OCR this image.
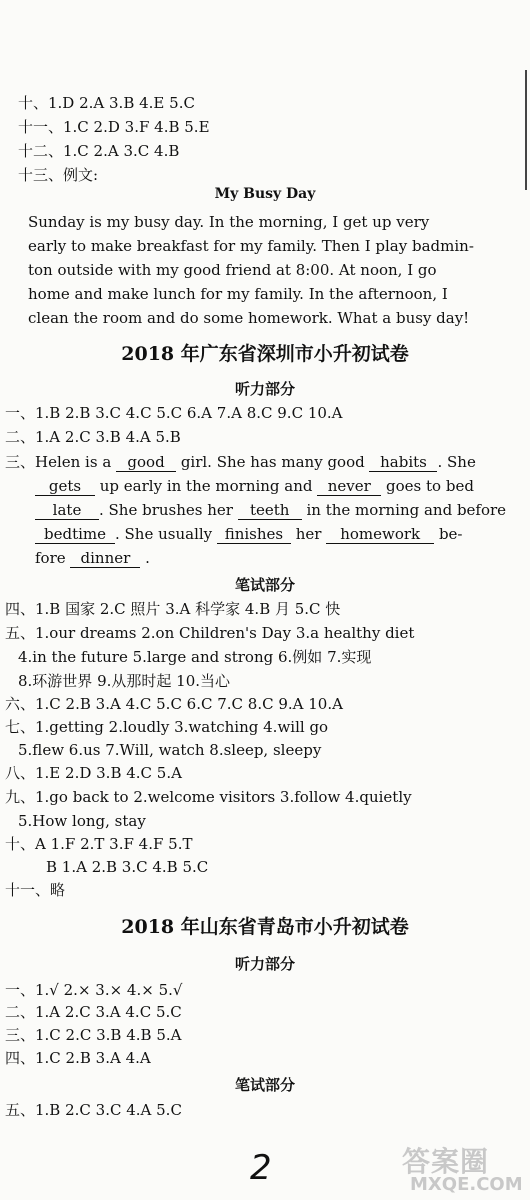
十、1.D 2.A 3.B 4.E 5.C
十一、1.C 2.D 3.F 4.B 5.E
十二、1.C 2.A 3.C 4.B
十三、例文:
My Busy Day
Sunday is my busy day. In the morning, I get up very
early to make breakfast for my family. Then I play badmin-
ton outside with my good friend at 8:00. At noon, I go
home and make lunch for my family. In the afternoon, I
clean the room and do some homework. What a busy day!
2018 年广东省深圳市小升初试卷
听力部分
一、1.B 2.B 3.C 4.C 5.C 6.A 7.A 8.C 9.C 10.A
二、1.A 2.C 3.B 4.A 5.B
三、Helen is a good girl. She has many good habits . She
gets up early in the morning and never goes to bed
late . She brushes her teeth in the morning and before
bedtime . She usually finishes her homework be-
fore dinner .
笔试部分
四、1.B 国家 2.C 照片 3.A 科学家 4.B 月 5.C 快
五、1.our dreams 2.on Children's Day 3.a healthy diet
4.in the future 5.large and strong 6.例如 7.实现
8.环游世界 9.从那时起 10.当心
六、1.C 2.B 3.A 4.C 5.C 6.C 7.C 8.C 9.A 10.A
七、1.getting 2.loudly 3.watching 4.will go
5.flew 6.us 7.Will, watch 8.sleep, sleepy
八、1.E 2.D 3.B 4.C 5.A
九、1.go back to 2.welcome visitors 3.follow 4.quietly
5.How long, stay
十、A 1.F 2.T 3.F 4.F 5.T
B 1.A 2.B 3.C 4.B 5.C
十一、略
2018 年山东省青岛市小升初试卷
听力部分
一、1.√ 2.× 3.× 4.× 5.√
二、1.A 2.C 3.A 4.C 5.C
三、1.C 2.C 3.B 4.B 5.A
四、1.C 2.B 3.A 4.A
笔试部分
五、1.B 2.C 3.C 4.A 5.C
2	答案圈
MXQE.COM
